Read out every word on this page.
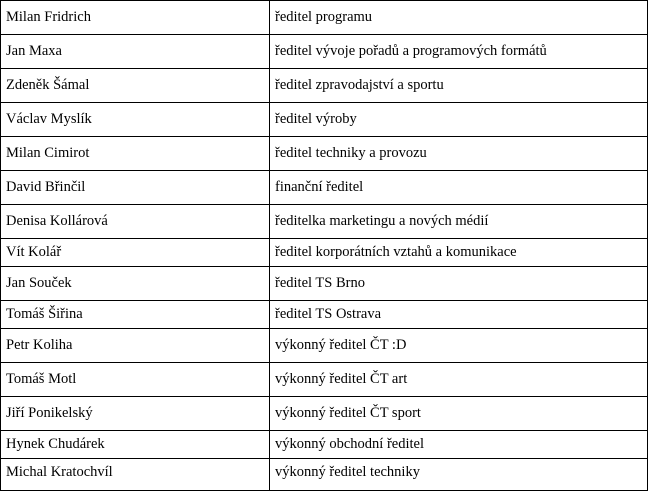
Milan Fridrich	ředitel programu

Jan Maxa	ředitel vývoje pořadů a programových formátů

Zdeněk Šámal	ředitel zpravodajství a sportu

Václav Myslík	ředitel výroby

Milan Cimirot	ředitel techniky a provozu

David Břinčil	finanční ředitel

Denisa Kollárová	ředitelka marketingu a nových médií

Vít Kolář	ředitel korporátních vztahů a komunikace

Jan Souček	ředitel TS Brno

Tomáš Šiřina	ředitel TS Ostrava

Petr Koliha	výkonný ředitel ČT :D

Tomáš Motl	výkonný ředitel ČT art

Jiří Ponikelský	výkonný ředitel ČT sport

Hynek Chudárek	výkonný obchodní ředitel

Michal Kratochvíl	výkonný ředitel techniky
